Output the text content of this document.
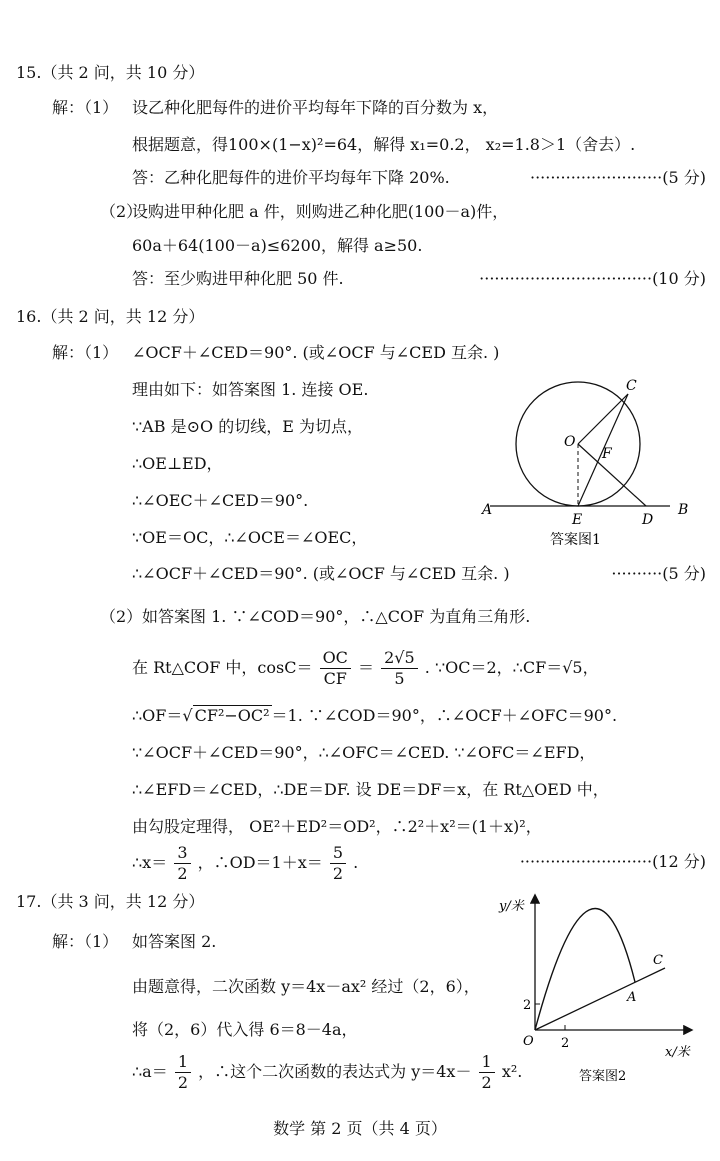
15.（共 2 问，共 10 分）
解：（1） 设乙种化肥每件的进价平均每年下降的百分数为 x，
根据题意，得100×(1−x)²=64，解得 x₁=0.2， x₂=1.8＞1（舍去）.
答：乙种化肥每件的进价平均每年下降 20%.	··························(5 分)
（2）
设购进甲种化肥 a 件，则购进乙种化肥(100－a)件，
60a＋64(100－a)≤6200，解得 a≥50.
答：至少购进甲种化肥 50 件.	··································(10 分)
16.（共 2 问，共 12 分）
解：（1） ∠OCF＋∠CED＝90°. (或∠OCF 与∠CED 互余. )
理由如下：如答案图 1. 连接 OE.
∵AB 是⊙O 的切线，E 为切点，
∴OE⊥ED，
∴∠OEC＋∠CED＝90°.
∵OE＝OC，∴∠OCE＝∠OEC，
∴∠OCF＋∠CED＝90°. (或∠OCF 与∠CED 互余. )	··········(5 分)
C
O
F
A
E	D
B
答案图1
（2） 如答案图 1. ∵∠COD＝90°，∴△COF 为直角三角形.
在 Rt△COF 中，$\cos C= \frac{OC}{CF} = \frac{2√5}{5}$ . ∵OC＝2，∴CF＝√5，
∴OF＝√ CF²−OC² ＝1. ∵∠COD＝90°，∴∠OCF＋∠OFC＝90°.
∵∠OCF＋∠CED＝90°，∴∠OFC＝∠CED. ∵∠OFC＝∠EFD，
∴∠EFD＝∠CED，∴DE＝DF. 设 DE＝DF＝x，在 Rt△OED 中，
由勾股定理得， OE²＋ED²＝OD²，∴2²＋x²＝(1＋x)²，
∴x＝ $\frac{3}{2}$ ，∴OD＝1＋x＝ $\frac{5}{2}$ .	··························(12 分)
17.（共 3 问，共 12 分）
解：（1） 如答案图 2.
由题意得，二次函数 y＝4x－ax² 经过（2，6），
将（2，6）代入得 6＝8－4a，
∴a＝ $\frac{1}{2}$ ，∴这个二次函数的表达式为 $y=4x- \frac{1}{2} x^2$.
y/米
x/米
O 2
2
A
C
答案图2
数学 第 2 页（共 4 页）
